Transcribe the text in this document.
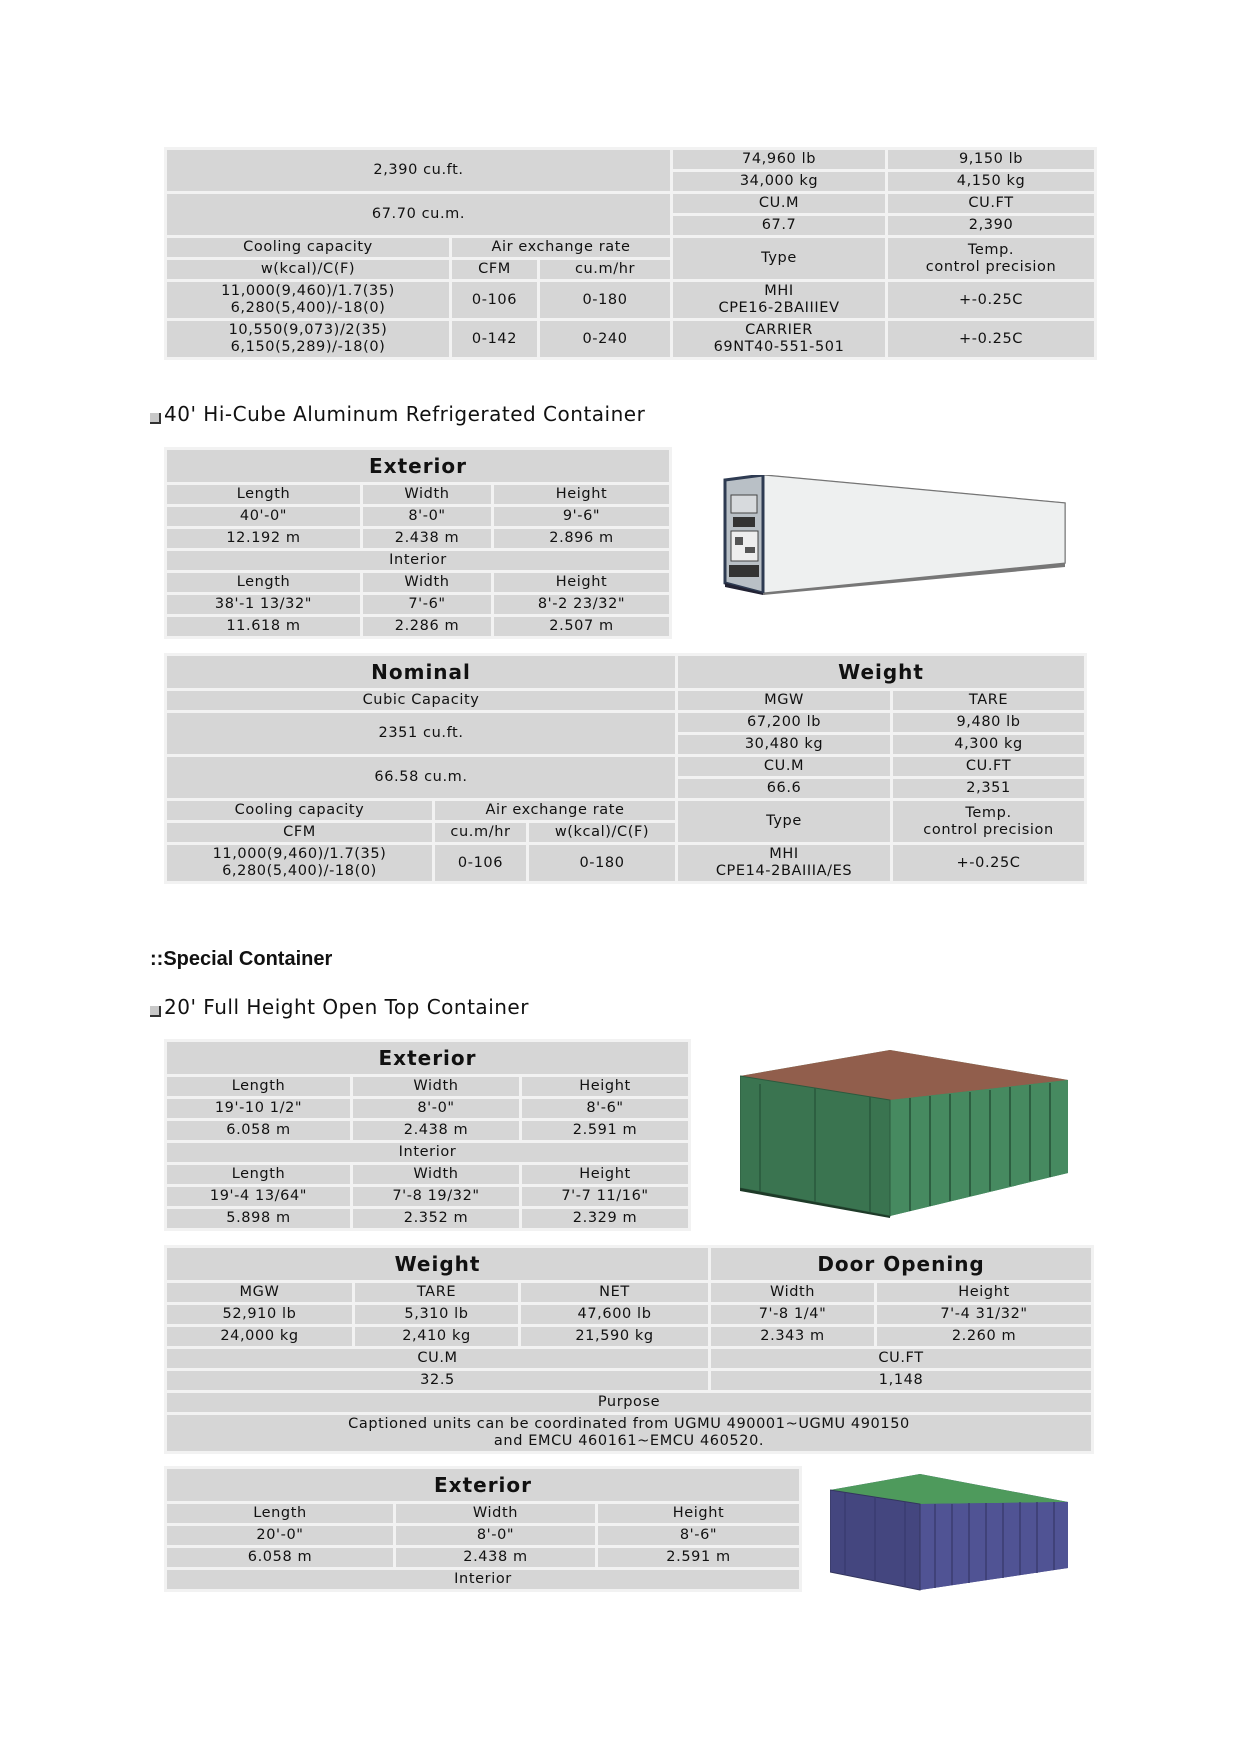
2,390 cu.ft.			74,960 lb	9,150 lb
			34,000 kg	4,150 kg
67.70 cu.m.			CU.M	CU.FT
			67.7	2,390
Cooling capacity	Air exchange rate		Type	Temp.
control precision
w(kcal)/C(F)	CFM	cu.m/hr		
11,000(9,460)/1.7(35)
6,280(5,400)/-18(0)	0-106	0-180	MHI
CPE16-2BAIIIEV	+-0.25C
10,550(9,073)/2(35)
6,150(5,289)/-18(0)	0-142	0-240	CARRIER
69NT40-551-501	+-0.25C
40' Hi-Cube Aluminum Refrigerated Container
Exterior		
Length	Width	Height
40'-0"	8'-0"	9'-6"
12.192 m	2.438 m	2.896 m
Interior		
Length	Width	Height
38'-1 13/32"	7'-6"	8'-2 23/32"
11.618 m	2.286 m	2.507 m
Nominal			Weight	
Cubic Capacity			MGW	TARE
2351 cu.ft.			67,200 lb	9,480 lb
			30,480 kg	4,300 kg
66.58 cu.m.			CU.M	CU.FT
			66.6	2,351
Cooling capacity	Air exchange rate		Type	Temp.
control precision
CFM	cu.m/hr	w(kcal)/C(F)		
11,000(9,460)/1.7(35)
6,280(5,400)/-18(0)	0-106	0-180	MHI
CPE14-2BAIIIA/ES	+-0.25C
::Special Container
20' Full Height Open Top Container
Exterior		
Length	Width	Height
19'-10 1/2"	8'-0"	8'-6"
6.058 m	2.438 m	2.591 m
Interior		
Length	Width	Height
19'-4 13/64"	7'-8 19/32"	7'-7 11/16"
5.898 m	2.352 m	2.329 m
Weight			Door Opening	
MGW	TARE	NET	Width	Height
52,910 lb	5,310 lb	47,600 lb	7'-8 1/4"	7'-4 31/32"
24,000 kg	2,410 kg	21,590 kg	2.343 m	2.260 m
CU.M			CU.FT	
32.5			1,148	
Purpose				
Captioned units can be coordinated from UGMU 490001~UGMU 490150
and EMCU 460161~EMCU 460520.				
Exterior		
Length	Width	Height
20'-0"	8'-0"	8'-6"
6.058 m	2.438 m	2.591 m
Interior		
